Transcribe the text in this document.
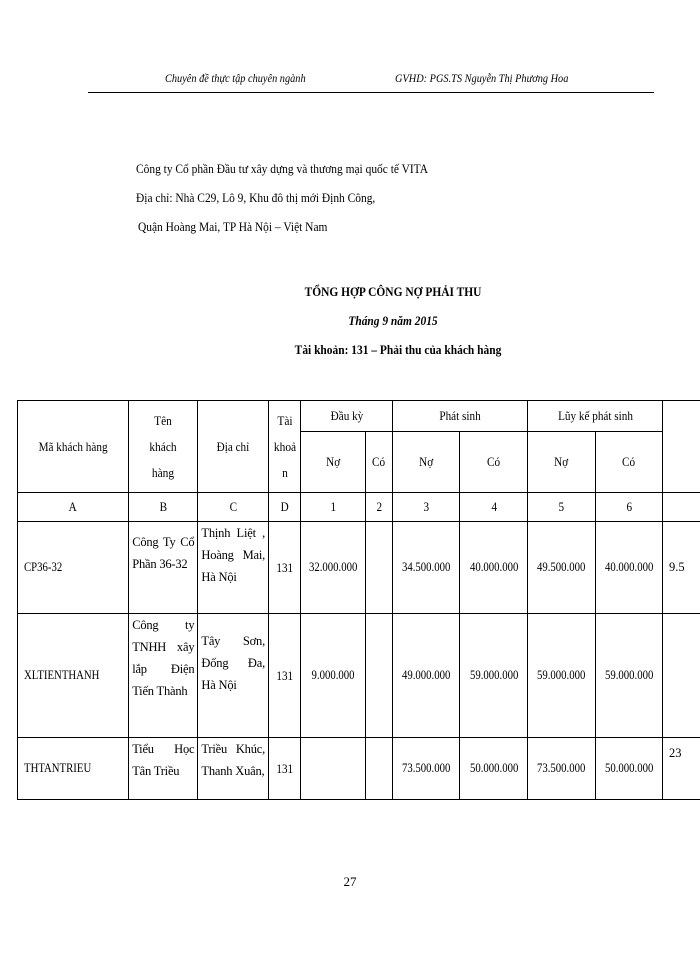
Chuyên đề thực tập chuyên ngành	GVHD: PGS.TS Nguyễn Thị Phương Hoa
Công ty Cổ phần Đầu tư xây dựng và thương mại quốc tế VITA
Địa chỉ: Nhà C29, Lô 9, Khu đô thị mới Định Công,
Quận Hoàng Mai, TP Hà Nội – Việt Nam
TỔNG HỢP CÔNG NỢ PHẢI THU
Tháng 9 năm 2015
Tài khoản: 131 – Phải thu của khách hàng
Mã khách hàng	Tên khách hàng	Địa chỉ	Tài khoản	Đầu kỳ		Phát sinh		Lũy kế phát sinh		
				Nợ	Có	Nợ	Có	Nợ	Có	
A	B	C	D	1	2	3	4	5	6	
CP36-32	Công Ty Cổ Phần 36-32	Thịnh Liệt , Hoàng Mai, Hà Nội	131	32.000.000		34.500.000	40.000.000	49.500.000	40.000.000	9.5
XLTIENTHANH	Công ty TNHH xây lắp Điện Tiến Thành	Tây Sơn, Đống Đa, Hà Nội	131	9.000.000		49.000.000	59.000.000	59.000.000	59.000.000	
THTANTRIEU	Tiểu Học Tân Triều	Triều Khúc, Thanh Xuân,	131			73.500.000	50.000.000	73.500.000	50.000.000	23
27
